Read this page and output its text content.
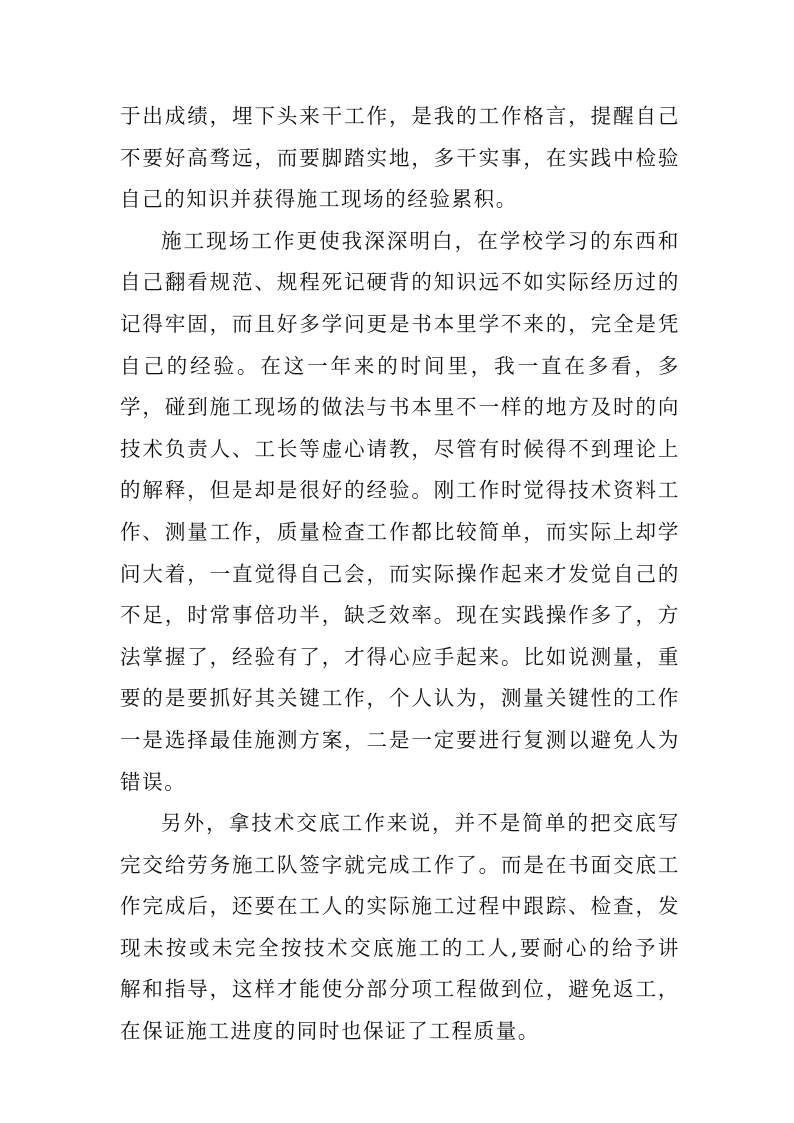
于出成绩，埋下头来干工作，是我的工作格言，提醒自己不要好高骛远，而要脚踏实地，多干实事，在实践中检验自己的知识并获得施工现场的经验累积。

施工现场工作更使我深深明白，在学校学习的东西和自己翻看规范、规程死记硬背的知识远不如实际经历过的记得牢固，而且好多学问更是书本里学不来的，完全是凭自己的经验。在这一年来的时间里，我一直在多看，多学，碰到施工现场的做法与书本里不一样的地方及时的向技术负责人、工长等虚心请教，尽管有时候得不到理论上的解释，但是却是很好的经验。刚工作时觉得技术资料工作、测量工作，质量检查工作都比较简单，而实际上却学问大着，一直觉得自己会，而实际操作起来才发觉自己的不足，时常事倍功半，缺乏效率。现在实践操作多了，方法掌握了，经验有了，才得心应手起来。比如说测量，重要的是要抓好其关键工作，个人认为，测量关键性的工作一是选择最佳施测方案，二是一定要进行复测以避免人为错误。

另外，拿技术交底工作来说，并不是简单的把交底写完交给劳务施工队签字就完成工作了。而是在书面交底工作完成后，还要在工人的实际施工过程中跟踪、检查，发现未按或未完全按技术交底施工的工人,要耐心的给予讲解和指导，这样才能使分部分项工程做到位，避免返工，在保证施工进度的同时也保证了工程质量。
